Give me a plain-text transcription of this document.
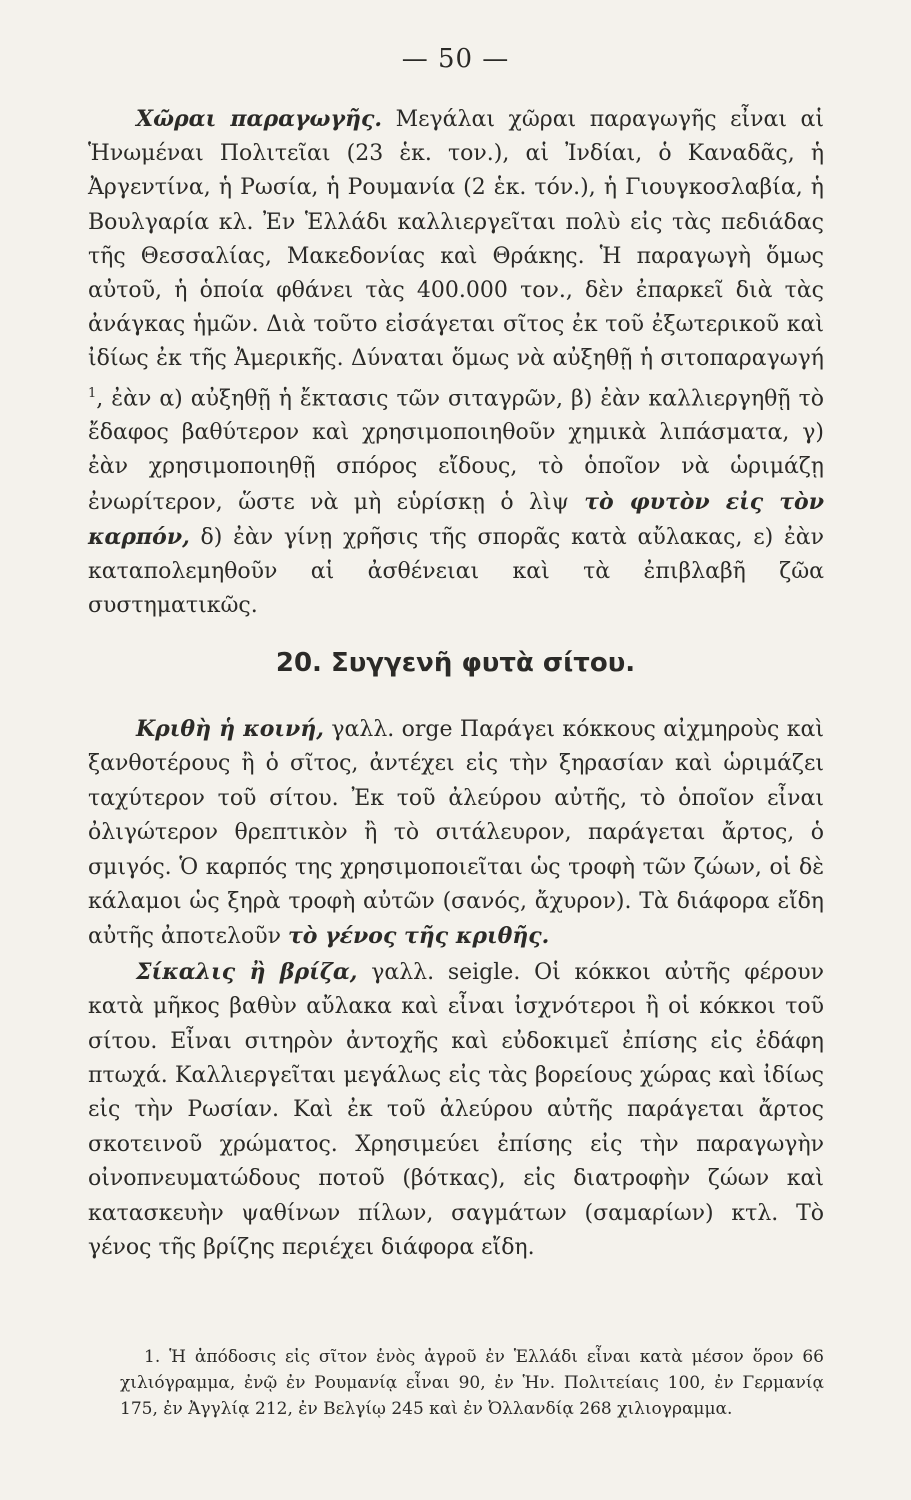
— 50 —

Χῶραι παραγωγῆς. Μεγάλαι χῶραι παραγωγῆς εἶναι αἱ Ἡνωμέναι Πολιτεῖαι (23 ἑκ. τον.), αἱ Ἰνδίαι, ὁ Καναδᾶς, ἡ Ἀργεντίνα, ἡ Ρωσία, ἡ Ρουμανία (2 ἑκ. τόν.), ἡ Γιουγκοσλαβία, ἡ Βουλγαρία κλ. Ἐν Ἑλλάδι καλλιεργεῖται πολὺ εἰς τὰς πεδιάδας τῆς Θεσσαλίας, Μακεδονίας καὶ Θράκης. Ἡ παραγωγὴ ὅμως αὐτοῦ, ἡ ὁποία φθάνει τὰς 400.000 τον., δὲν ἐπαρκεῖ διὰ τὰς ἀνάγκας ἡμῶν. Διὰ τοῦτο εἰσάγεται σῖτος ἐκ τοῦ ἐξωτερικοῦ καὶ ἰδίως ἐκ τῆς Ἀμερικῆς. Δύναται ὅμως νὰ αὐξηθῇ ἡ σιτοπαραγωγή $^1$, ἐὰν α) αὐξηθῇ ἡ ἔκτασις τῶν σιταγρῶν, β) ἐὰν καλλιεργηθῇ τὸ ἔδαφος βαθύτερον καὶ χρησιμοποιηθοῦν χημικὰ λιπάσματα, γ) ἐὰν χρησιμοποιηθῇ σπόρος εἴδους, τὸ ὁποῖον νὰ ὡριμάζῃ ἐνωρίτερον, ὥστε νὰ μὴ εὑρίσκῃ ὁ λὶψ τὸ φυτὸν εἰς τὸν καρπόν, δ) ἐὰν γίνῃ χρῆσις τῆς σπορᾶς κατὰ αὔλακας, ε) ἐὰν καταπολεμηθοῦν αἱ ἀσθένειαι καὶ τὰ ἐπιβλαβῆ ζῶα συστηματικῶς.

20. Συγγενῆ φυτὰ σίτου.

Κριθὴ ἡ κοινή, γαλλ. orge Παράγει κόκκους αἰχμηροὺς καὶ ξανθοτέρους ἢ ὁ σῖτος, ἀντέχει εἰς τὴν ξηρασίαν καὶ ὡριμάζει ταχύτερον τοῦ σίτου. Ἐκ τοῦ ἀλεύρου αὐτῆς, τὸ ὁποῖον εἶναι ὀλιγώτερον θρεπτικὸν ἢ τὸ σιτάλευρον, παράγεται ἄρτος, ὁ σμιγός. Ὁ καρπός της χρησιμοποιεῖται ὡς τροφὴ τῶν ζώων, οἱ δὲ κάλαμοι ὡς ξηρὰ τροφὴ αὐτῶν (σανός, ἄχυρον). Τὰ διάφορα εἴδη αὐτῆς ἀποτελοῦν τὸ γένος τῆς κριθῆς.

Σίκαλις ἢ βρίζα, γαλλ. seigle. Οἱ κόκκοι αὐτῆς φέρουν κατὰ μῆκος βαθὺν αὔλακα καὶ εἶναι ἰσχνότεροι ἢ οἱ κόκκοι τοῦ σίτου. Εἶναι σιτηρὸν ἀντοχῆς καὶ εὐδοκιμεῖ ἐπίσης εἰς ἐδάφη πτωχά. Καλλιεργεῖται μεγάλως εἰς τὰς βορείους χώρας καὶ ἰδίως εἰς τὴν Ρωσίαν. Καὶ ἐκ τοῦ ἀλεύρου αὐτῆς παράγεται ἄρτος σκοτεινοῦ χρώματος. Χρησιμεύει ἐπίσης εἰς τὴν παραγωγὴν οἰνοπνευματώδους ποτοῦ (βότκας), εἰς διατροφὴν ζώων καὶ κατασκευὴν ψαθίνων πίλων, σαγμάτων (σαμαρίων) κτλ. Τὸ γένος τῆς βρίζης περιέχει διάφορα εἴδη.

1. Ἡ ἀπόδοσις εἰς σῖτον ἑνὸς ἀγροῦ ἐν Ἑλλάδι εἶναι κατὰ μέσον ὅρον 66 χιλιόγραμμα, ἐνῷ ἐν Ρουμανίᾳ εἶναι 90, ἐν Ἡν. Πολιτείαις 100, ἐν Γερμανίᾳ 175, ἐν Ἀγγλίᾳ 212, ἐν Βελγίῳ 245 καὶ ἐν Ὀλλανδίᾳ 268 χιλιογραμμα.
